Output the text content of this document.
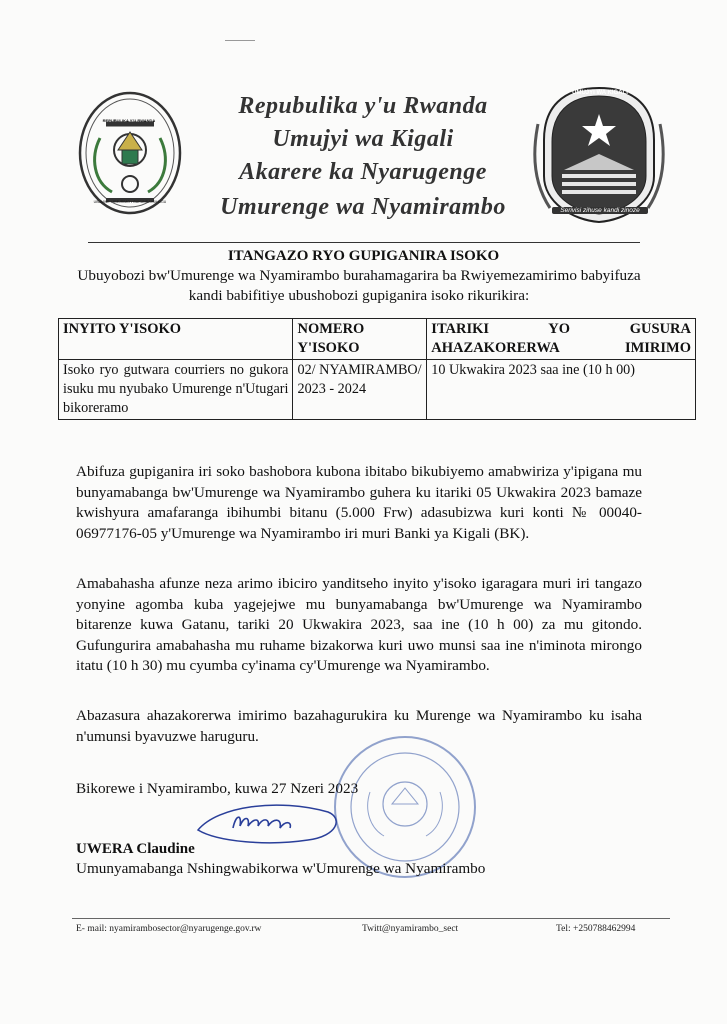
REPUBULIKA Y'U RWANDA
UBUMWE • UMURIMO • GUKUNDA IGIHUGU
Repubulika y'u Rwanda
Umujyi wa Kigali
Akarere ka Nyarugenge
Umurenge wa Nyamirambo
UMUJYI WA KIGALI
Serivisi zihuse kandi zinoze
ITANGAZO RYO GUPIGANIRA ISOKO
Ubuyobozi bw'Umurenge wa Nyamirambo burahamagarira ba Rwiyemezamirimo babyifuza kandi babifitiye ubushobozi gupiganira isoko rikurikira:
INYITO Y'ISOKO	NOMERO Y'ISOKO	ITARIKI YO GUSURA AHAZAKORERWA IMIRIMO
Isoko ryo gutwara courriers no gukora isuku mu nyubako Umurenge n'Utugari bikoreramo	02/ NYAMIRAMBO/ 2023 - 2024	10 Ukwakira 2023 saa ine (10 h 00)
Abifuza gupiganira iri soko bashobora kubona ibitabo bikubiyemo amabwiriza y'ipigana mu bunyamabanga bw'Umurenge wa Nyamirambo guhera ku itariki 05 Ukwakira 2023 bamaze kwishyura amafaranga ibihumbi bitanu (5.000 Frw) adasubizwa kuri konti № 00040- 06977176-05 y'Umurenge wa Nyamirambo iri muri Banki ya Kigali (BK).
Amabahasha afunze neza arimo ibiciro yanditseho inyito y'isoko igaragara muri iri tangazo yonyine agomba kuba yagejejwe mu bunyamabanga bw'Umurenge wa Nyamirambo bitarenze kuwa Gatanu, tariki 20 Ukwakira 2023, saa ine (10 h 00) za mu gitondo. Gufungurira amabahasha mu ruhame bizakorwa kuri uwo munsi saa ine n'iminota mirongo itatu (10 h 30) mu cyumba cy'inama cy'Umurenge wa Nyamirambo.
Abazasura ahazakorerwa imirimo bazahagurukira ku Murenge wa Nyamirambo ku isaha n'umunsi byavuzwe haruguru.
Bikorewe i Nyamirambo, kuwa 27 Nzeri 2023
UWERA Claudine
Umunyamabanga Nshingwabikorwa w'Umurenge wa Nyamirambo
E- mail: nyamirambosector@nyarugenge.gov.rw	Twitt@nyamirambo_sect	Tel: +250788462994
